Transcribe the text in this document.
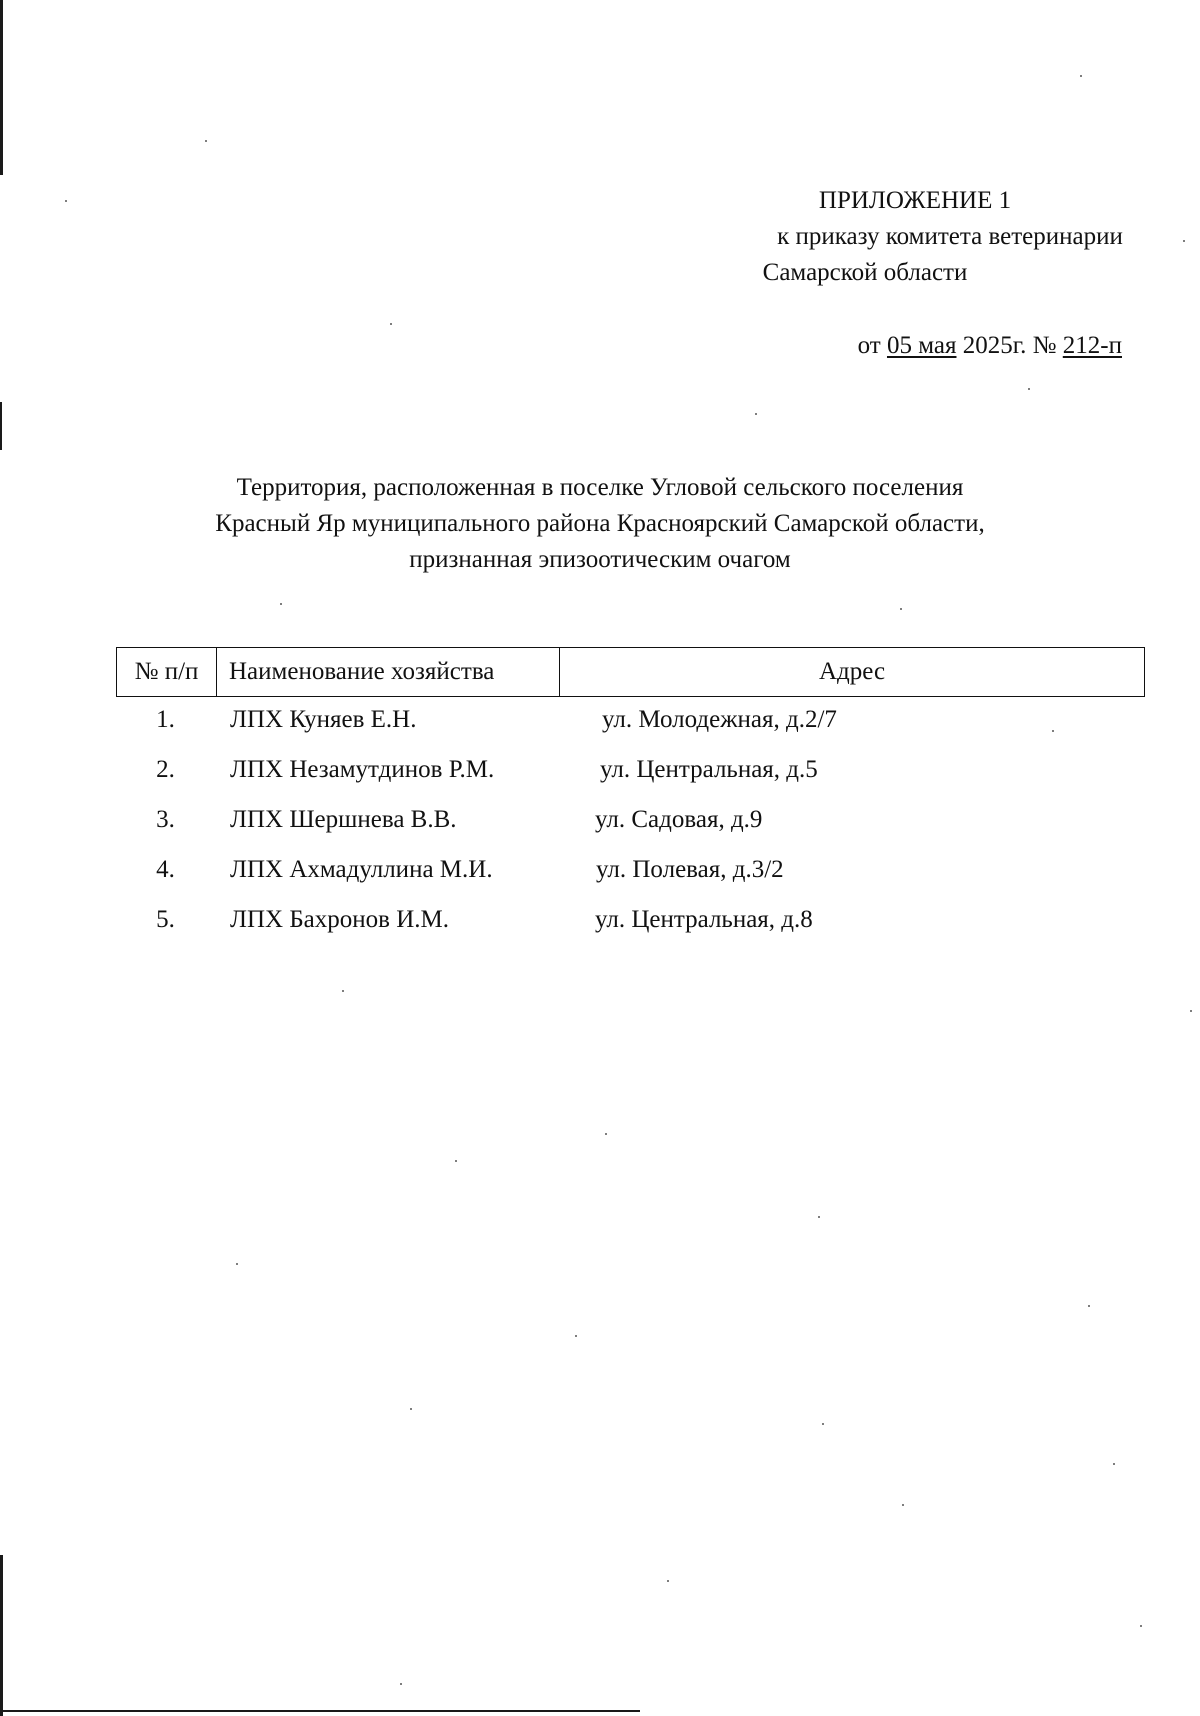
ПРИЛОЖЕНИЕ 1
к приказу комитета ветеринарии
Самарской области
от 05 мая 2025г. № 212-п
Территория, расположенная в поселке Угловой сельского поселения
Красный Яр муниципального района Красноярский Самарской области,
признанная эпизоотическим очагом
№ п/п	Наименование хозяйства	Адрес
1.	ЛПХ Куняев Е.Н.	ул. Молодежная, д.2/7
2.	ЛПХ Незамутдинов Р.М.	ул. Центральная, д.5
3.	ЛПХ Шершнева В.В.	ул. Садовая, д.9
4.	ЛПХ Ахмадуллина М.И.	ул. Полевая, д.3/2
5.	ЛПХ Бахронов И.М.	ул. Центральная, д.8
